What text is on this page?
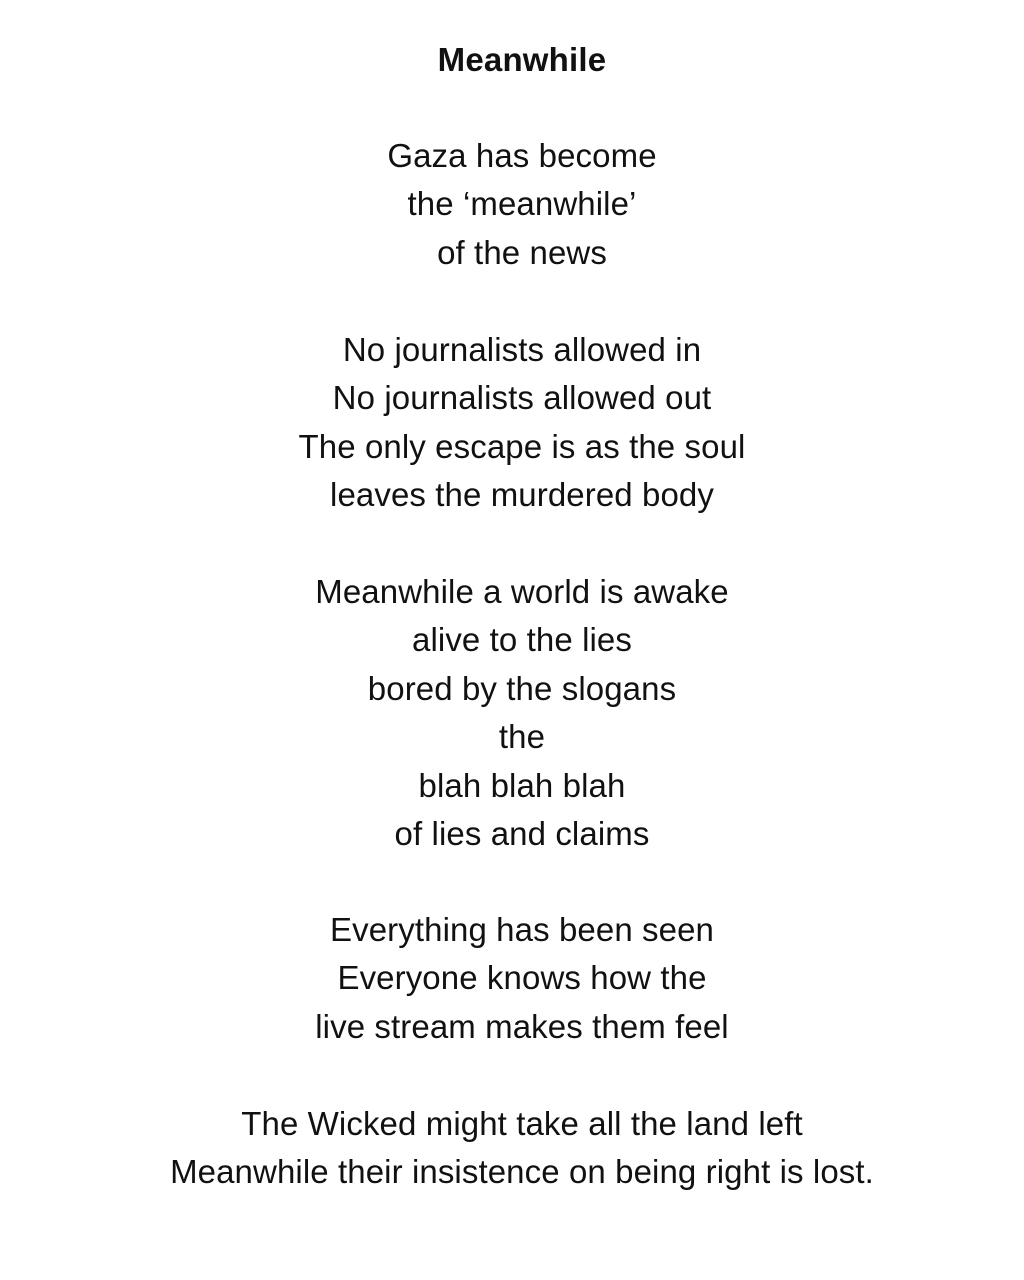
Meanwhile
Gaza has become
the ‘meanwhile’
of the news
No journalists allowed in
No journalists allowed out
The only escape is as the soul
leaves the murdered body
Meanwhile a world is awake
alive to the lies
bored by the slogans
the
blah blah blah
of lies and claims
Everything has been seen
Everyone knows how the
live stream makes them feel
The Wicked might take all the land left
Meanwhile their insistence on being right is lost.
